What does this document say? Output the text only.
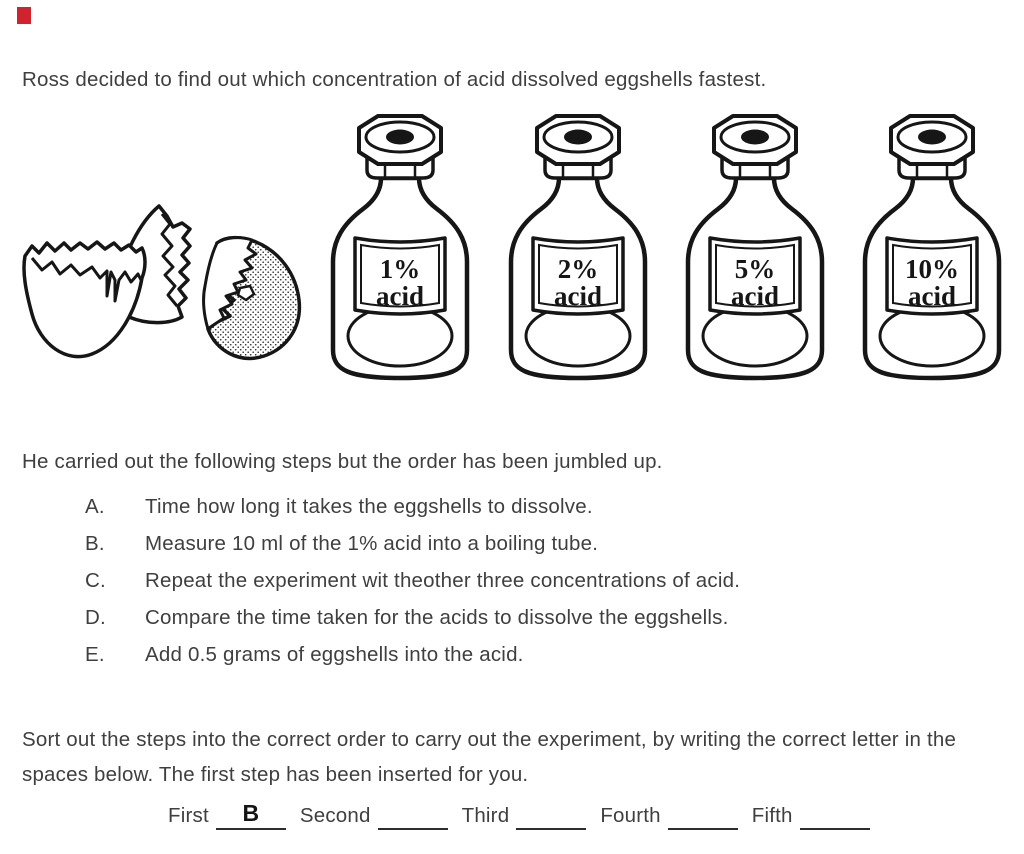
Ross decided to find out which concentration of acid dissolved eggshells fastest.

1%
acid
2%
acid
5%
acid
10%
acid

He carried out the following steps but the order has been jumbled up.

A. Time how long it takes the eggshells to dissolve.
B. Measure 10 ml of the 1% acid into a boiling tube.
C. Repeat the experiment wit theother three concentrations of acid.
D. Compare the time taken for the acids to dissolve the eggshells.
E. Add 0.5 grams of eggshells into the acid.

Sort out the steps into the correct order to carry out the experiment, by writing the correct letter in the
spaces below. The first step has been inserted for you.

First	B	Second	Third	Fourth	Fifth
